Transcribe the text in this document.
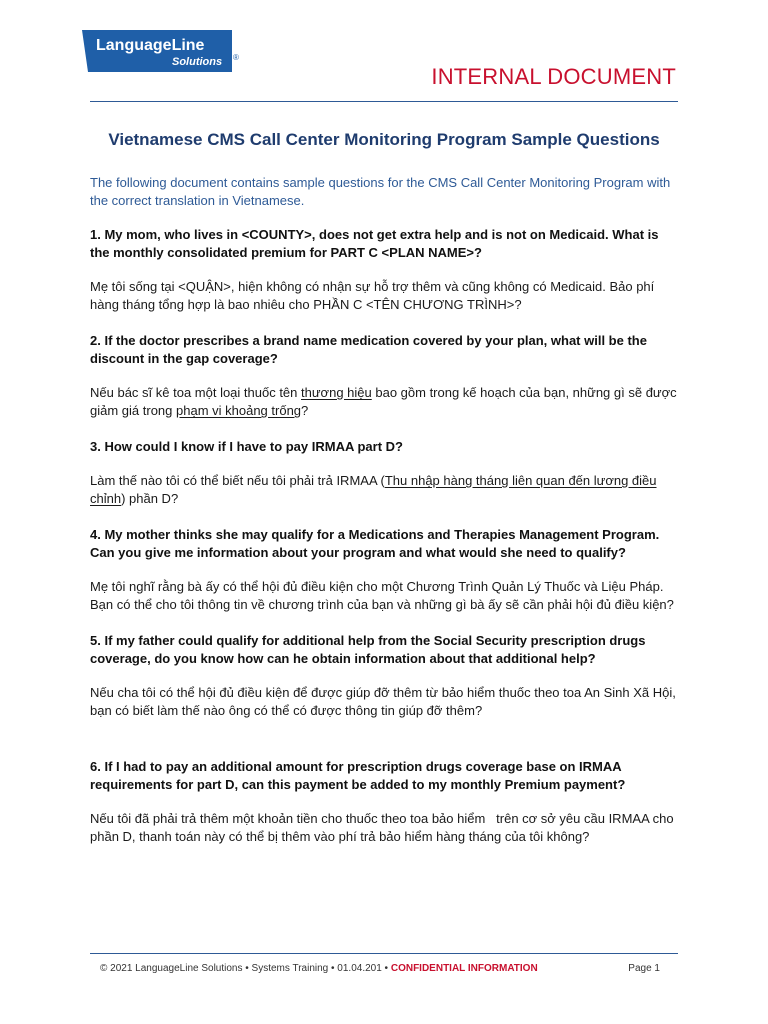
LanguageLine
Solutions ®
INTERNAL DOCUMENT
Vietnamese CMS Call Center Monitoring Program Sample Questions

The following document contains sample questions for the CMS Call Center Monitoring Program with the correct translation in Vietnamese.

1. My mom, who lives in <COUNTY>, does not get extra help and is not on Medicaid. What is the monthly consolidated premium for PART C <PLAN NAME>?

Mẹ tôi sống tại <QUẬN>, hiện không có nhận sự hỗ trợ thêm và cũng không có Medicaid. Bảo phí hàng tháng tổng hợp là bao nhiêu cho PHẦN C <TÊN CHƯƠNG TRÌNH>?

2. If the doctor prescribes a brand name medication covered by your plan, what will be the discount in the gap coverage?

Nếu bác sĩ kê toa một loại thuốc tên thương hiệu bao gồm trong kế hoạch của bạn, những gì sẽ được giảm giá trong phạm vi khoảng trống?

3. How could I know if I have to pay IRMAA part D?

Làm thế nào tôi có thể biết nếu tôi phải trả IRMAA (Thu nhập hàng tháng liên quan đến lương điều chỉnh) phần D?

4. My mother thinks she may qualify for a Medications and Therapies Management Program. Can you give me information about your program and what would she need to qualify?

Mẹ tôi nghĩ rằng bà ấy có thể hội đủ điều kiện cho một Chương Trình Quản Lý Thuốc và Liệu Pháp. Bạn có thể cho tôi thông tin về chương trình của bạn và những gì bà ấy sẽ cần phải hội đủ điều kiện?

5. If my father could qualify for additional help from the Social Security prescription drugs coverage, do you know how can he obtain information about that additional help?

Nếu cha tôi có thể hội đủ điều kiện để được giúp đỡ thêm từ bảo hiểm thuốc theo toa An Sinh Xã Hội, bạn có biết làm thế nào ông có thể có được thông tin giúp đỡ thêm?

6. If I had to pay an additional amount for prescription drugs coverage base on IRMAA requirements for part D, can this payment be added to my monthly Premium payment?

Nếu tôi đã phải trả thêm một khoản tiền cho thuốc theo toa bảo hiểm   trên cơ sở yêu cầu IRMAA cho phần D, thanh toán này có thể bị thêm vào phí trả bảo hiểm hàng tháng của tôi không?

© 2021 LanguageLine Solutions • Systems Training • 01.04.201 • CONFIDENTIAL INFORMATION	Page 1
